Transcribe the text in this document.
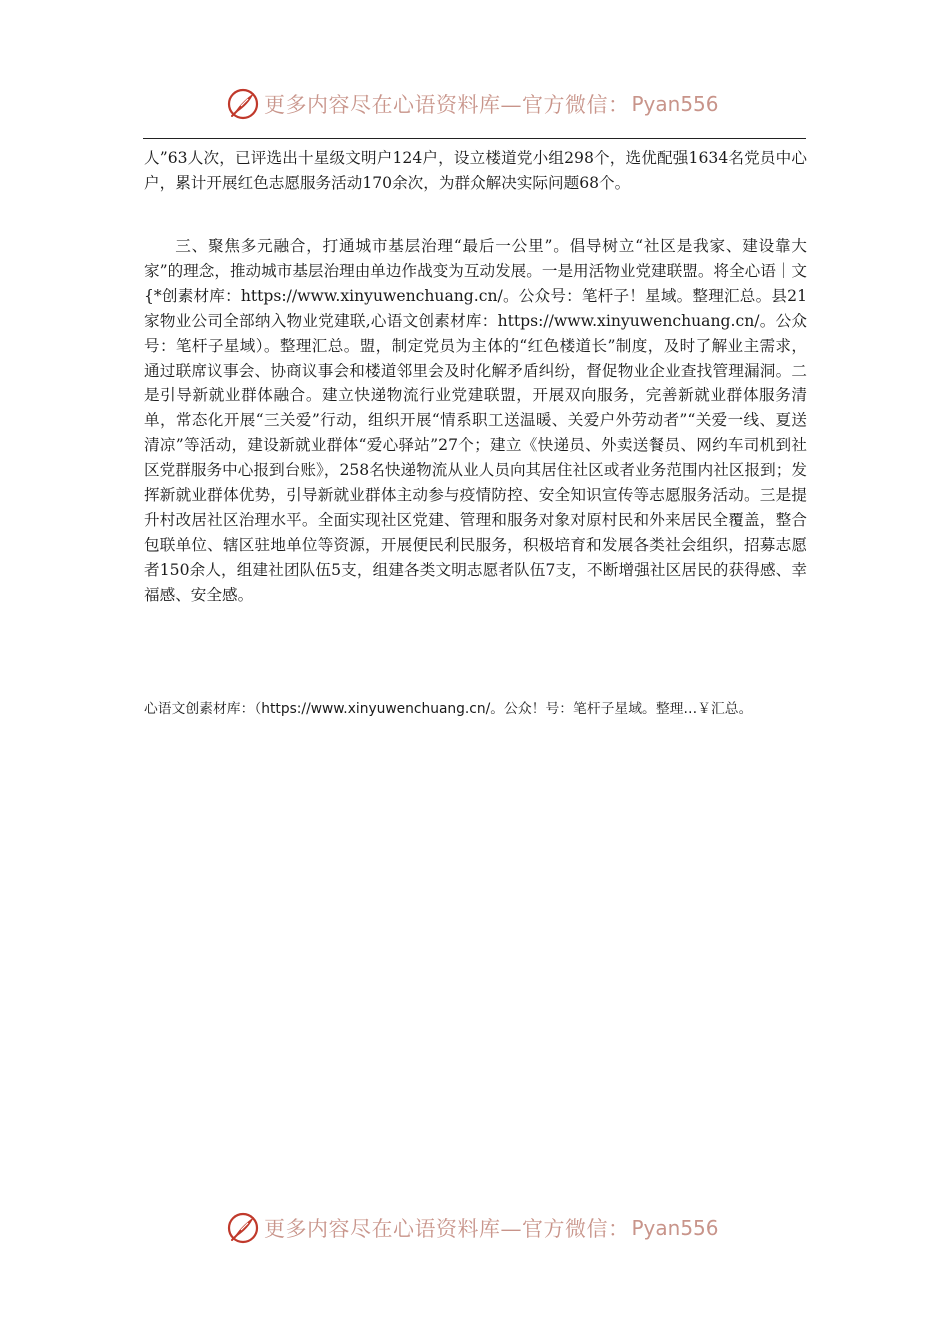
更多内容尽在心语资料库—官方微信： Pyan556
人”63人次，已评选出十星级文明户124户，设立楼道党小组298个，选优配强1634名党员中心户，累计开展红色志愿服务活动170余次，为群众解决实际问题68个。
三、聚焦多元融合，打通城市基层治理“最后一公里”。倡导树立“社区是我家、建设靠大家”的理念，推动城市基层治理由单边作战变为互动发展。一是用活物业党建联盟。将全心语｜文{*创素材库：https://www.xinyuwenchuang.cn/。公众号：笔杆子！星域。整理汇总。县21家物业公司全部纳入物业党建联,心语文创素材库：https://www.xinyuwenchuang.cn/。公众号：笔杆子星域）。整理汇总。盟，制定党员为主体的“红色楼道长”制度，及时了解业主需求，通过联席议事会、协商议事会和楼道邻里会及时化解矛盾纠纷，督促物业企业查找管理漏洞。二是引导新就业群体融合。建立快递物流行业党建联盟，开展双向服务，完善新就业群体服务清单，常态化开展“三关爱”行动，组织开展“情系职工送温暖、关爱户外劳动者”“关爱一线、夏送清凉”等活动，建设新就业群体“爱心驿站”27个；建立《快递员、外卖送餐员、网约车司机到社区党群服务中心报到台账》，258名快递物流从业人员向其居住社区或者业务范围内社区报到；发挥新就业群体优势，引导新就业群体主动参与疫情防控、安全知识宣传等志愿服务活动。三是提升村改居社区治理水平。全面实现社区党建、管理和服务对象对原村民和外来居民全覆盖，整合包联单位、辖区驻地单位等资源，开展便民利民服务，积极培育和发展各类社会组织，招募志愿者150余人，组建社团队伍5支，组建各类文明志愿者队伍7支，不断增强社区居民的获得感、幸福感、安全感。
心语文创素材库：（https://www.xinyuwenchuang.cn/。公众！号：笔杆子星域。整理…￥汇总。
更多内容尽在心语资料库—官方微信： Pyan556
